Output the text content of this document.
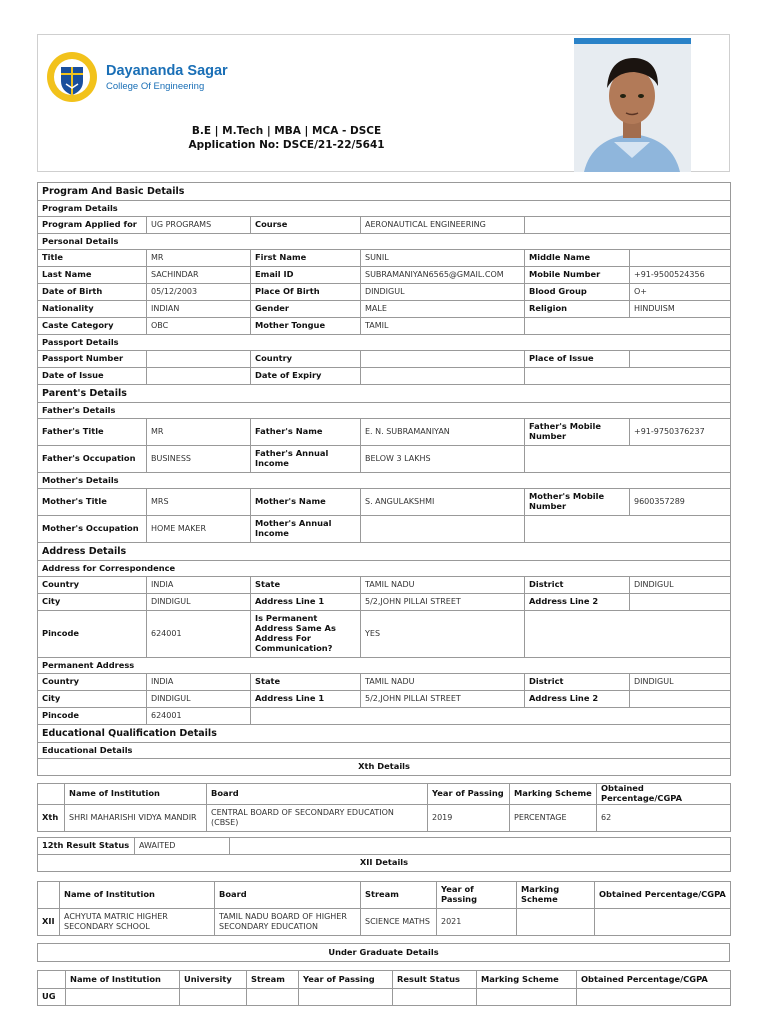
Dayananda Sagar
College Of Engineering
B.E | M.Tech | MBA | MCA - DSCE
Application No: DSCE/21-22/5641
Program And Basic Details					
Program Details					
Program Applied for	UG PROGRAMS	Course	AERONAUTICAL ENGINEERING		
Personal Details					
Title	MR	First Name	SUNIL	Middle Name	
Last Name	SACHINDAR	Email ID	SUBRAMANIYAN6565@GMAIL.COM	Mobile Number	+91-9500524356
Date of Birth	05/12/2003	Place Of Birth	DINDIGUL	Blood Group	O+
Nationality	INDIAN	Gender	MALE	Religion	HINDUISM
Caste Category	OBC	Mother Tongue	TAMIL		
Passport Details					
Passport Number		Country		Place of Issue	
Date of Issue		Date of Expiry			
Parent's Details					
Father's Details					
Father's Title	MR	Father's Name	E. N. SUBRAMANIYAN	Father's Mobile Number	+91-9750376237
Father's Occupation	BUSINESS	Father's Annual Income	BELOW 3 LAKHS		
Mother's Details					
Mother's Title	MRS	Mother's Name	S. ANGULAKSHMI	Mother's Mobile Number	9600357289
Mother's Occupation	HOME MAKER	Mother's Annual Income			
Address Details					
Address for Correspondence					
Country	INDIA	State	TAMIL NADU	District	DINDIGUL
City	DINDIGUL	Address Line 1	5/2,JOHN PILLAI STREET	Address Line 2	
Pincode	624001	Is Permanent Address Same As Address For Communication?	YES		
Permanent Address					
Country	INDIA	State	TAMIL NADU	District	DINDIGUL
City	DINDIGUL	Address Line 1	5/2,JOHN PILLAI STREET	Address Line 2	
Pincode	624001				
Educational Qualification Details					
Educational Details					
Xth Details					
	Name of Institution	Board	Year of Passing	Marking Scheme	Obtained Percentage/CGPA
Xth	SHRI MAHARISHI VIDYA MANDIR	CENTRAL BOARD OF SECONDARY EDUCATION (CBSE)	2019	PERCENTAGE	62
12th Result Status	AWAITED	
XII Details
	Name of Institution	Board	Stream	Year of Passing	Marking Scheme	Obtained Percentage/CGPA
XII	ACHYUTA MATRIC HIGHER SECONDARY SCHOOL	TAMIL NADU BOARD OF HIGHER SECONDARY EDUCATION	SCIENCE MATHS	2021		
Under Graduate Details
	Name of Institution	University	Stream	Year of Passing	Result Status	Marking Scheme	Obtained Percentage/CGPA
UG							
